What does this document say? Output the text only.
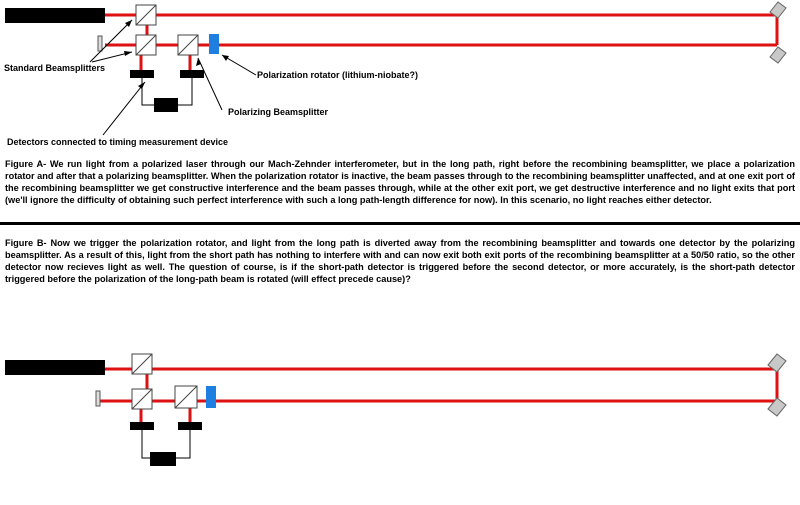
Standard Beamsplitters
Polarization rotator (lithium-niobate?)
Polarizing Beamsplitter
Detectors connected to timing measurement device
Figure A- We run light from a polarized laser through our Mach-Zehnder interferometer, but in the long path, right before the recombining beamsplitter, we place a polarization rotator and after that a polarizing beamsplitter. When the polarization rotator is inactive, the beam passes through to the recombining beamsplitter unaffected, and at one exit port of the recombining beamsplitter we get constructive interference and the beam passes through, while at the other exit port, we get destructive interference and no light exits that port (we'll ignore the difficulty of obtaining such perfect interference with such a long path-length difference for now). In this scenario, no light reaches either detector.
Figure B- Now we trigger the polarization rotator, and light from the long path is diverted away from the recombining beamsplitter and towards one detector by the polarizing beamsplitter. As a result of this, light from the short path has nothing to interfere with and can now exit both exit ports of the recombining beamsplitter at a 50/50 ratio, so the other detector now recieves light as well. The question of course, is if the short-path detector is triggered before the second detector, or more accurately, is the short-path detector triggered before the polarization of the long-path beam is rotated (will effect precede cause)?
